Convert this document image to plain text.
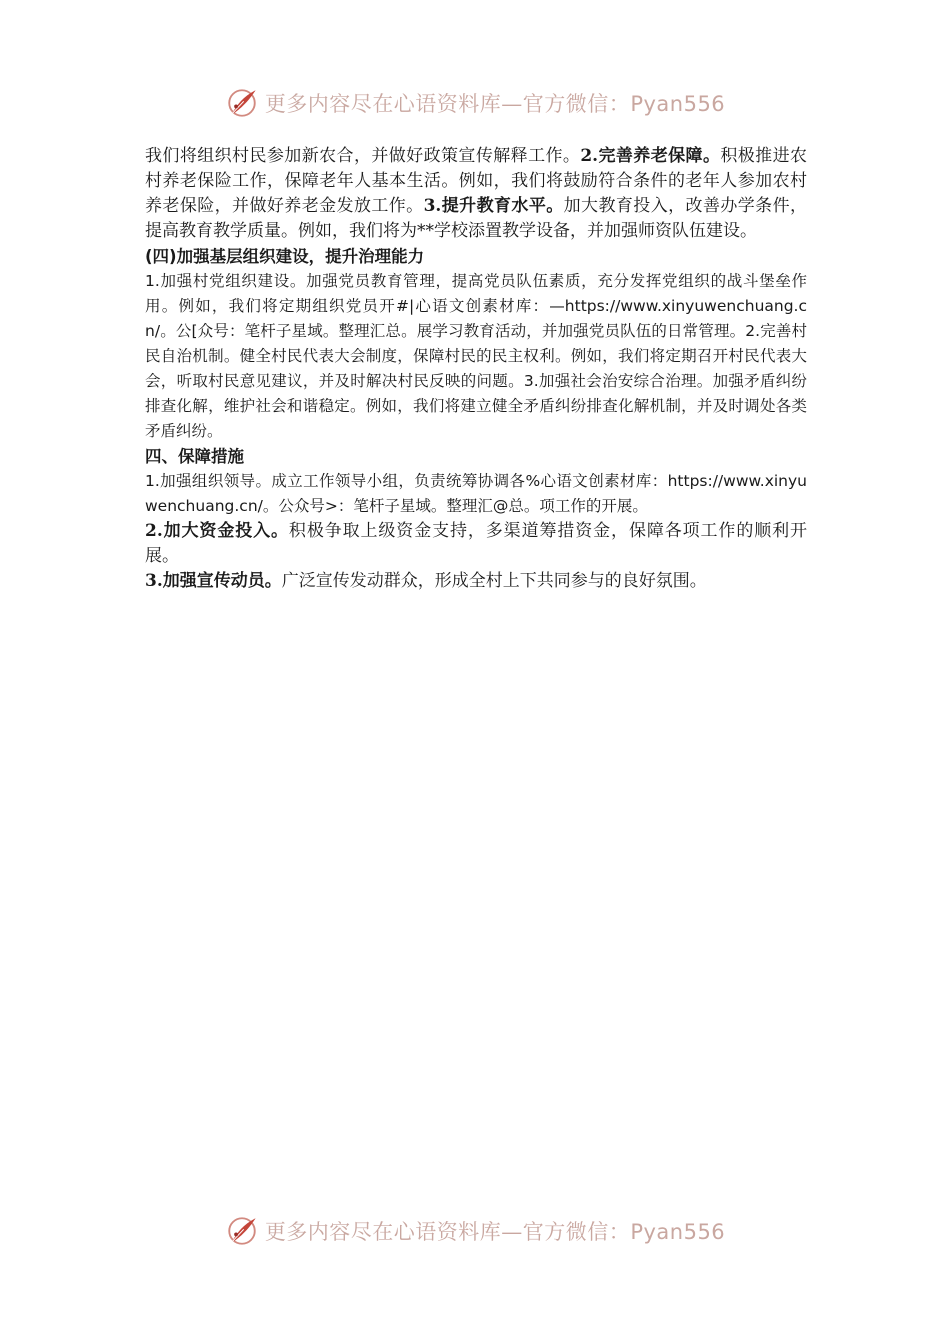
更多内容尽在心语资料库—官方微信：Pyan556

我们将组织村民参加新农合，并做好政策宣传解释工作。2.完善养老保障。积极推进农村养老保险工作，保障老年人基本生活。例如，我们将鼓励符合条件的老年人参加农村养老保险，并做好养老金发放工作。3.提升教育水平。加大教育投入，改善办学条件，提高教育教学质量。例如，我们将为**学校添置教学设备，并加强师资队伍建设。

(四)加强基层组织建设，提升治理能力

1.加强村党组织建设。加强党员教育管理，提高党员队伍素质，充分发挥党组织的战斗堡垒作用。例如，我们将定期组织党员开#|心语文创素材库：—https://www.xinyuwenchuang.cn/。公[众号：笔杆子星域。整理汇总。展学习教育活动，并加强党员队伍的日常管理。2.完善村民自治机制。健全村民代表大会制度，保障村民的民主权利。例如，我们将定期召开村民代表大会，听取村民意见建议，并及时解决村民反映的问题。3.加强社会治安综合治理。加强矛盾纠纷排查化解，维护社会和谐稳定。例如，我们将建立健全矛盾纠纷排查化解机制，并及时调处各类矛盾纠纷。

四、保障措施

1.加强组织领导。成立工作领导小组，负责统筹协调各%心语文创素材库：https://www.xinyuwenchuang.cn/。公众号>：笔杆子星域。整理汇@总。项工作的开展。

2.加大资金投入。积极争取上级资金支持，多渠道筹措资金，保障各项工作的顺利开展。

3.加强宣传动员。广泛宣传发动群众，形成全村上下共同参与的良好氛围。

更多内容尽在心语资料库—官方微信：Pyan556
